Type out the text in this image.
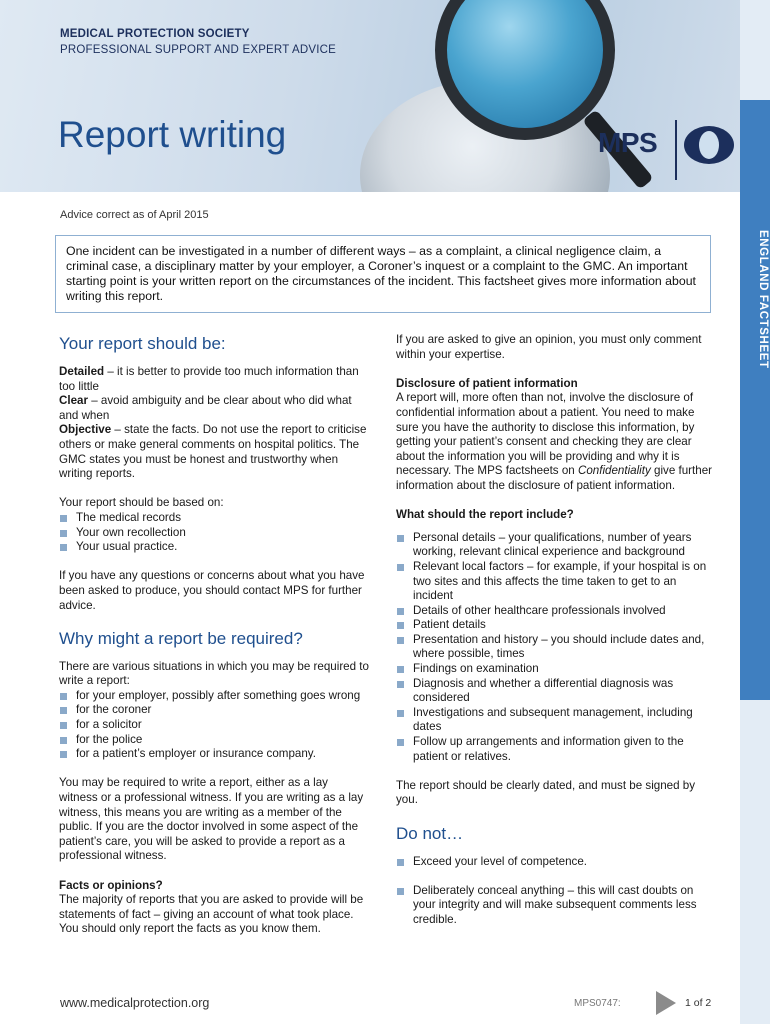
MEDICAL PROTECTION SOCIETY
PROFESSIONAL SUPPORT AND EXPERT ADVICE
Report writing	MPS
ENGLAND FACTSHEET
Advice correct as of April 2015

One incident can be investigated in a number of different ways – as a complaint, a clinical negligence claim, a criminal case, a disciplinary matter by your employer, a Coroner’s inquest or a complaint to the GMC. An important starting point is your written report on the circumstances of the incident. This factsheet gives more information about writing this report.

Your report should be:
Detailed – it is better to provide too much information than too little
Clear – avoid ambiguity and be clear about who did what and when
Objective – state the facts. Do not use the report to criticise others or make general comments on hospital politics. The GMC states you must be honest and trustworthy when writing reports.
Your report should be based on:
The medical records
Your own recollection
Your usual practice.
If you have any questions or concerns about what you have been asked to produce, you should contact MPS for further advice.
Why might a report be required?
There are various situations in which you may be required to write a report:
for your employer, possibly after something goes wrong
for the coroner
for a solicitor
for the police
for a patient’s employer or insurance company.
You may be required to write a report, either as a lay witness or a professional witness. If you are writing as a lay witness, this means you are writing as a member of the public. If you are the doctor involved in some aspect of the patient’s care, you will be asked to provide a report as a professional witness.
Facts or opinions?
The majority of reports that you are asked to provide will be statements of fact – giving an account of what took place. You should only report the facts as you know them.
If you are asked to give an opinion, you must only comment within your expertise.
Disclosure of patient information
A report will, more often than not, involve the disclosure of confidential information about a patient. You need to make sure you have the authority to disclose this information, by getting your patient’s consent and checking they are clear about the information you will be providing and why it is necessary. The MPS factsheets on Confidentiality give further information about the disclosure of patient information.
What should the report include?
Personal details – your qualifications, number of years working, relevant clinical experience and background
Relevant local factors – for example, if your hospital is on two sites and this affects the time taken to get to an incident
Details of other healthcare professionals involved
Patient details
Presentation and history – you should include dates and, where possible, times
Findings on examination
Diagnosis and whether a differential diagnosis was considered
Investigations and subsequent management, including dates
Follow up arrangements and information given to the patient or relatives.
The report should be clearly dated, and must be signed by you.
Do not…
Exceed your level of competence.
Deliberately conceal anything – this will cast doubts on your integrity and will make subsequent comments less credible.
www.medicalprotection.org	MPS0747:	1 of 2
